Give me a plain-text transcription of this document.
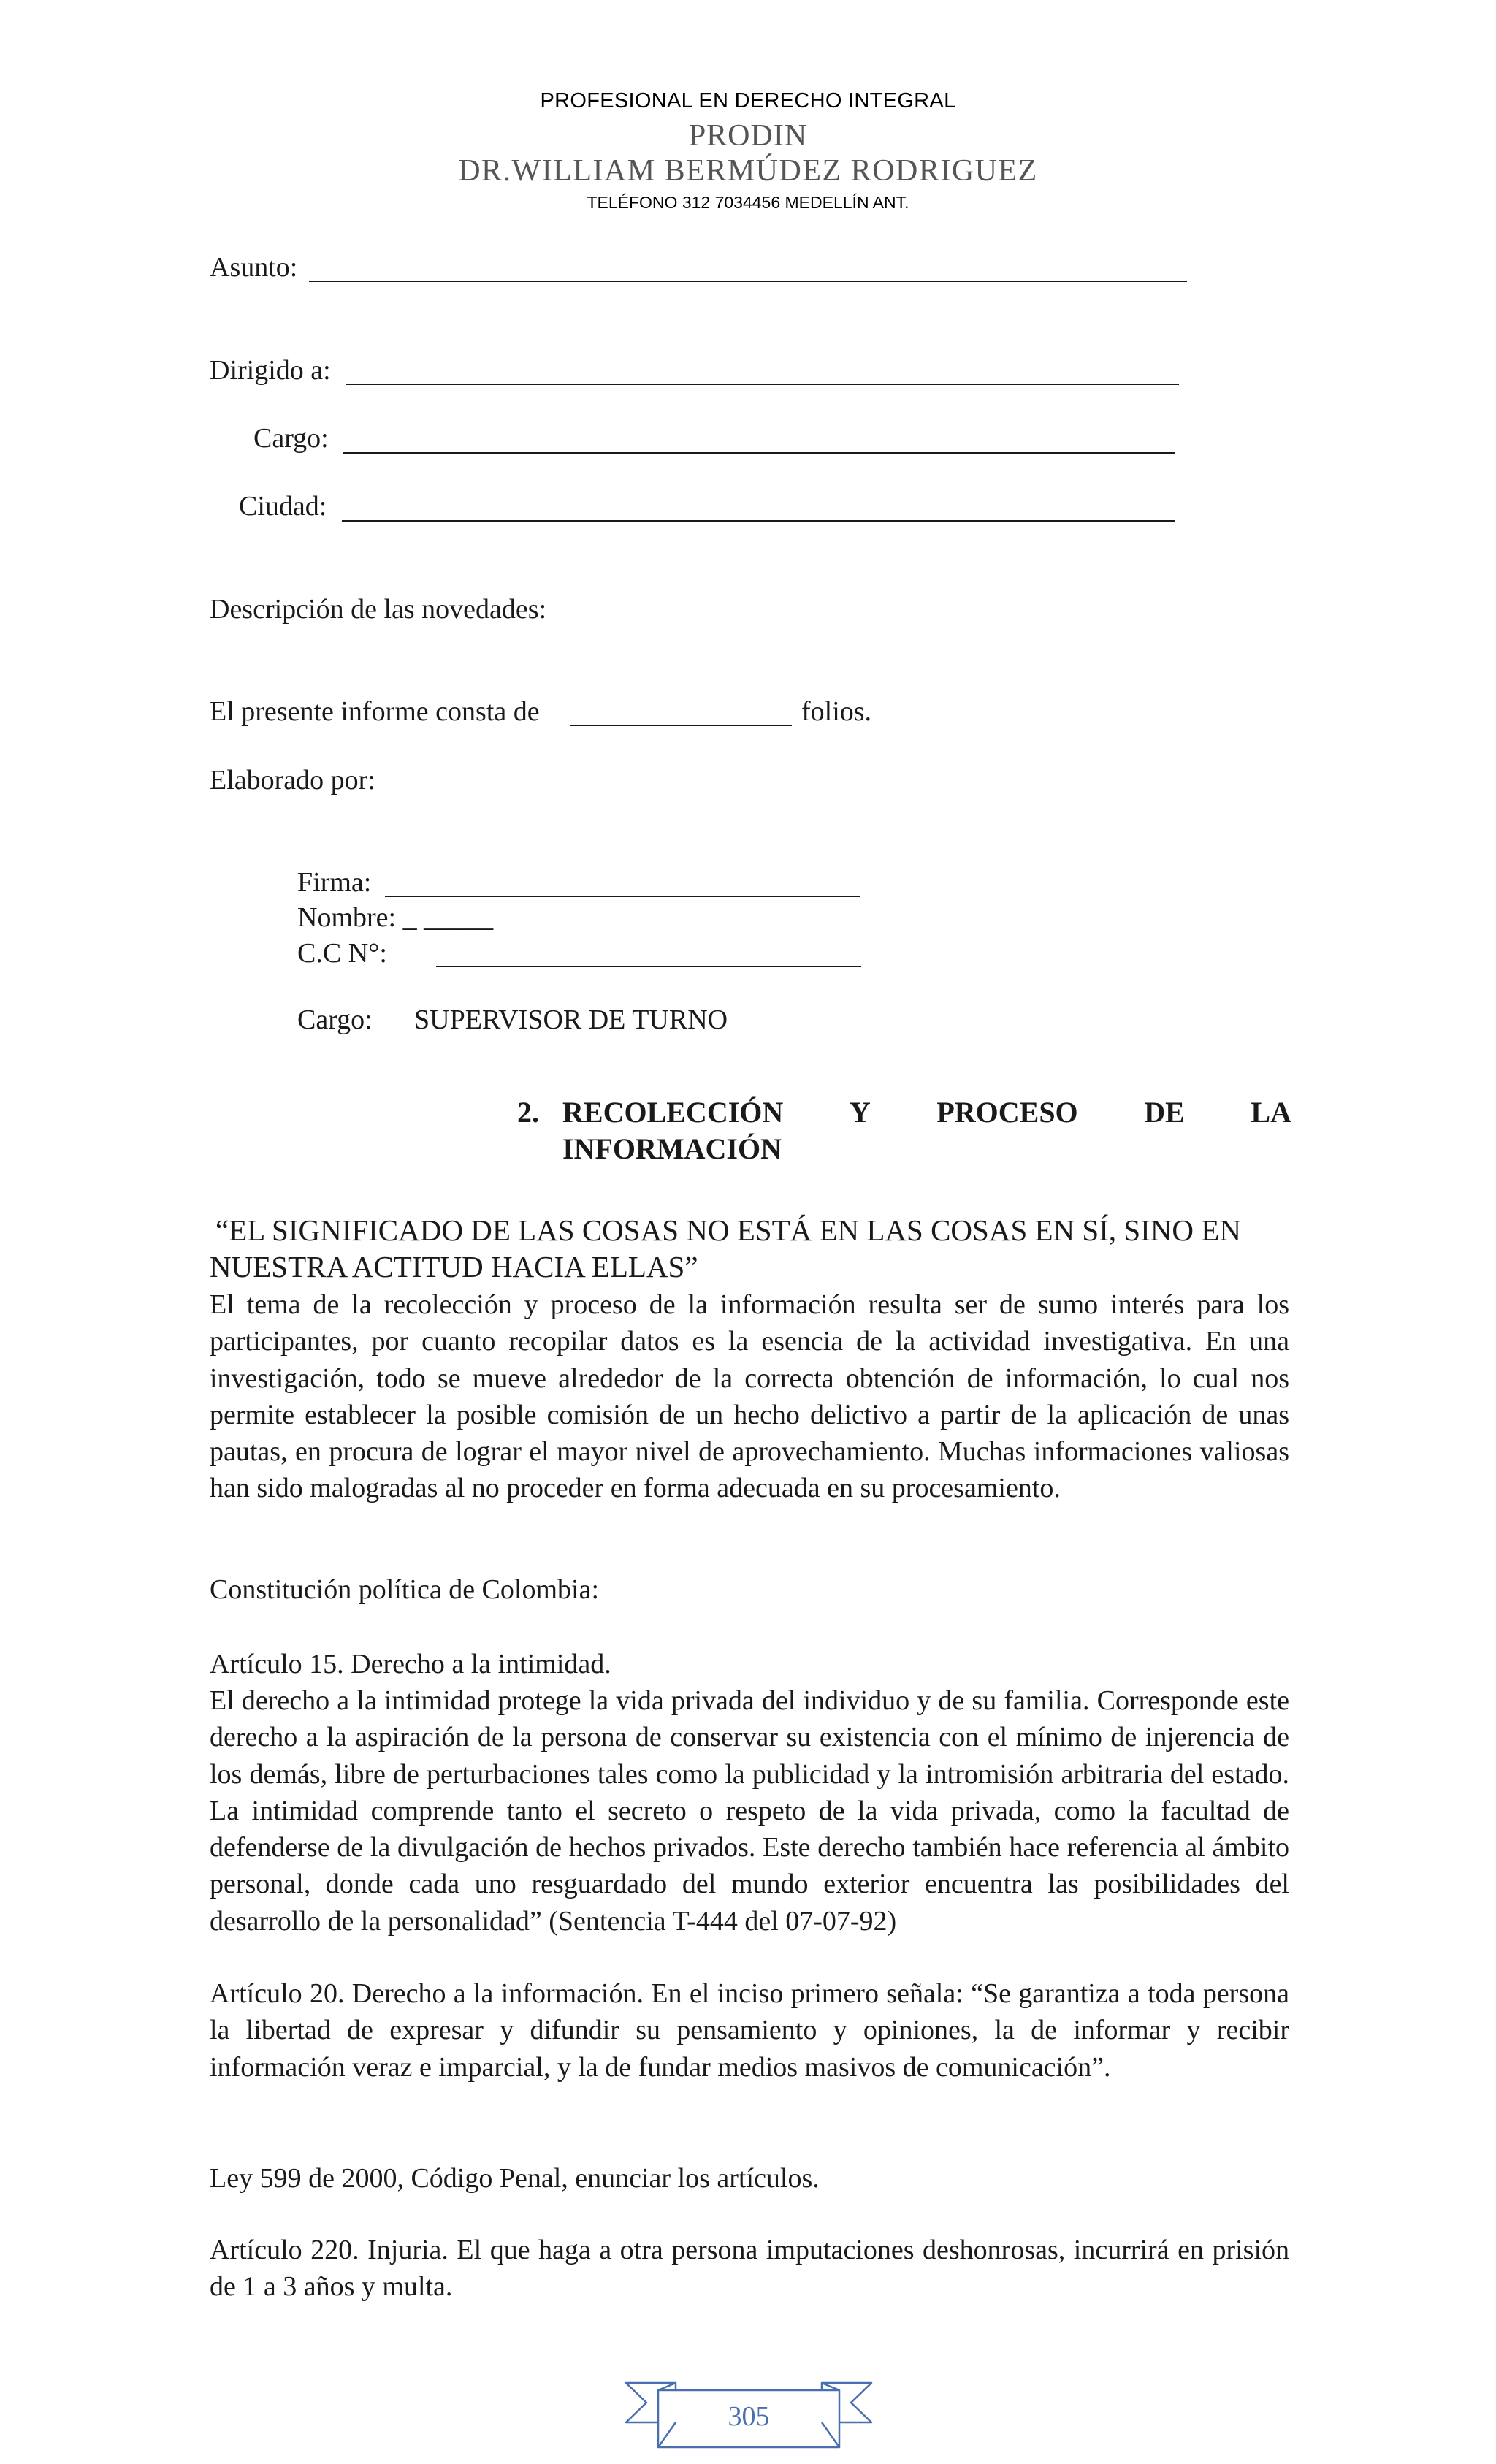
PROFESIONAL EN DERECHO INTEGRAL
PRODIN
DR.WILLIAM BERMÚDEZ RODRIGUEZ
TELÉFONO 312 7034456 MEDELLÍN ANT.
Asunto:
Dirigido a:
Cargo:
Ciudad:
Descripción de las novedades:
El presente informe consta de	folios.
Elaborado por:
Firma:
Nombre: _ _____
C.C N°:
Cargo: SUPERVISOR DE TURNO
2. RECOLECCIÓN Y PROCESO DE LA
INFORMACIÓN
“EL SIGNIFICADO DE LAS COSAS NO ESTÁ EN LAS COSAS EN SÍ, SINO EN NUESTRA ACTITUD HACIA ELLAS”
El tema de la recolección y proceso de la información resulta ser de sumo interés para los participantes, por cuanto recopilar datos es la esencia de la actividad investigativa. En una investigación, todo se mueve alrededor de la correcta obtención de información, lo cual nos permite establecer la posible comisión de un hecho delictivo a partir de la aplicación de unas pautas, en procura de lograr el mayor nivel de aprovechamiento. Muchas informaciones valiosas han sido malogradas al no proceder en forma adecuada en su procesamiento.
Constitución política de Colombia:
Artículo 15. Derecho a la intimidad.
El derecho a la intimidad protege la vida privada del individuo y de su familia. Corresponde este derecho a la aspiración de la persona de conservar su existencia con el mínimo de injerencia de los demás, libre de perturbaciones tales como la publicidad y la intromisión arbitraria del estado. La intimidad comprende tanto el secreto o respeto de la vida privada, como la facultad de defenderse de la divulgación de hechos privados. Este derecho también hace referencia al ámbito personal, donde cada uno resguardado del mundo exterior encuentra las posibilidades del desarrollo de la personalidad” (Sentencia T-444 del 07-07-92)
Artículo 20. Derecho a la información. En el inciso primero señala: “Se garantiza a toda persona la libertad de expresar y difundir su pensamiento y opiniones, la de informar y recibir información veraz e imparcial, y la de fundar medios masivos de comunicación”.
Ley 599 de 2000, Código Penal, enunciar los artículos.
Artículo 220. Injuria. El que haga a otra persona imputaciones deshonrosas, incurrirá en prisión de 1 a 3 años y multa.
305
